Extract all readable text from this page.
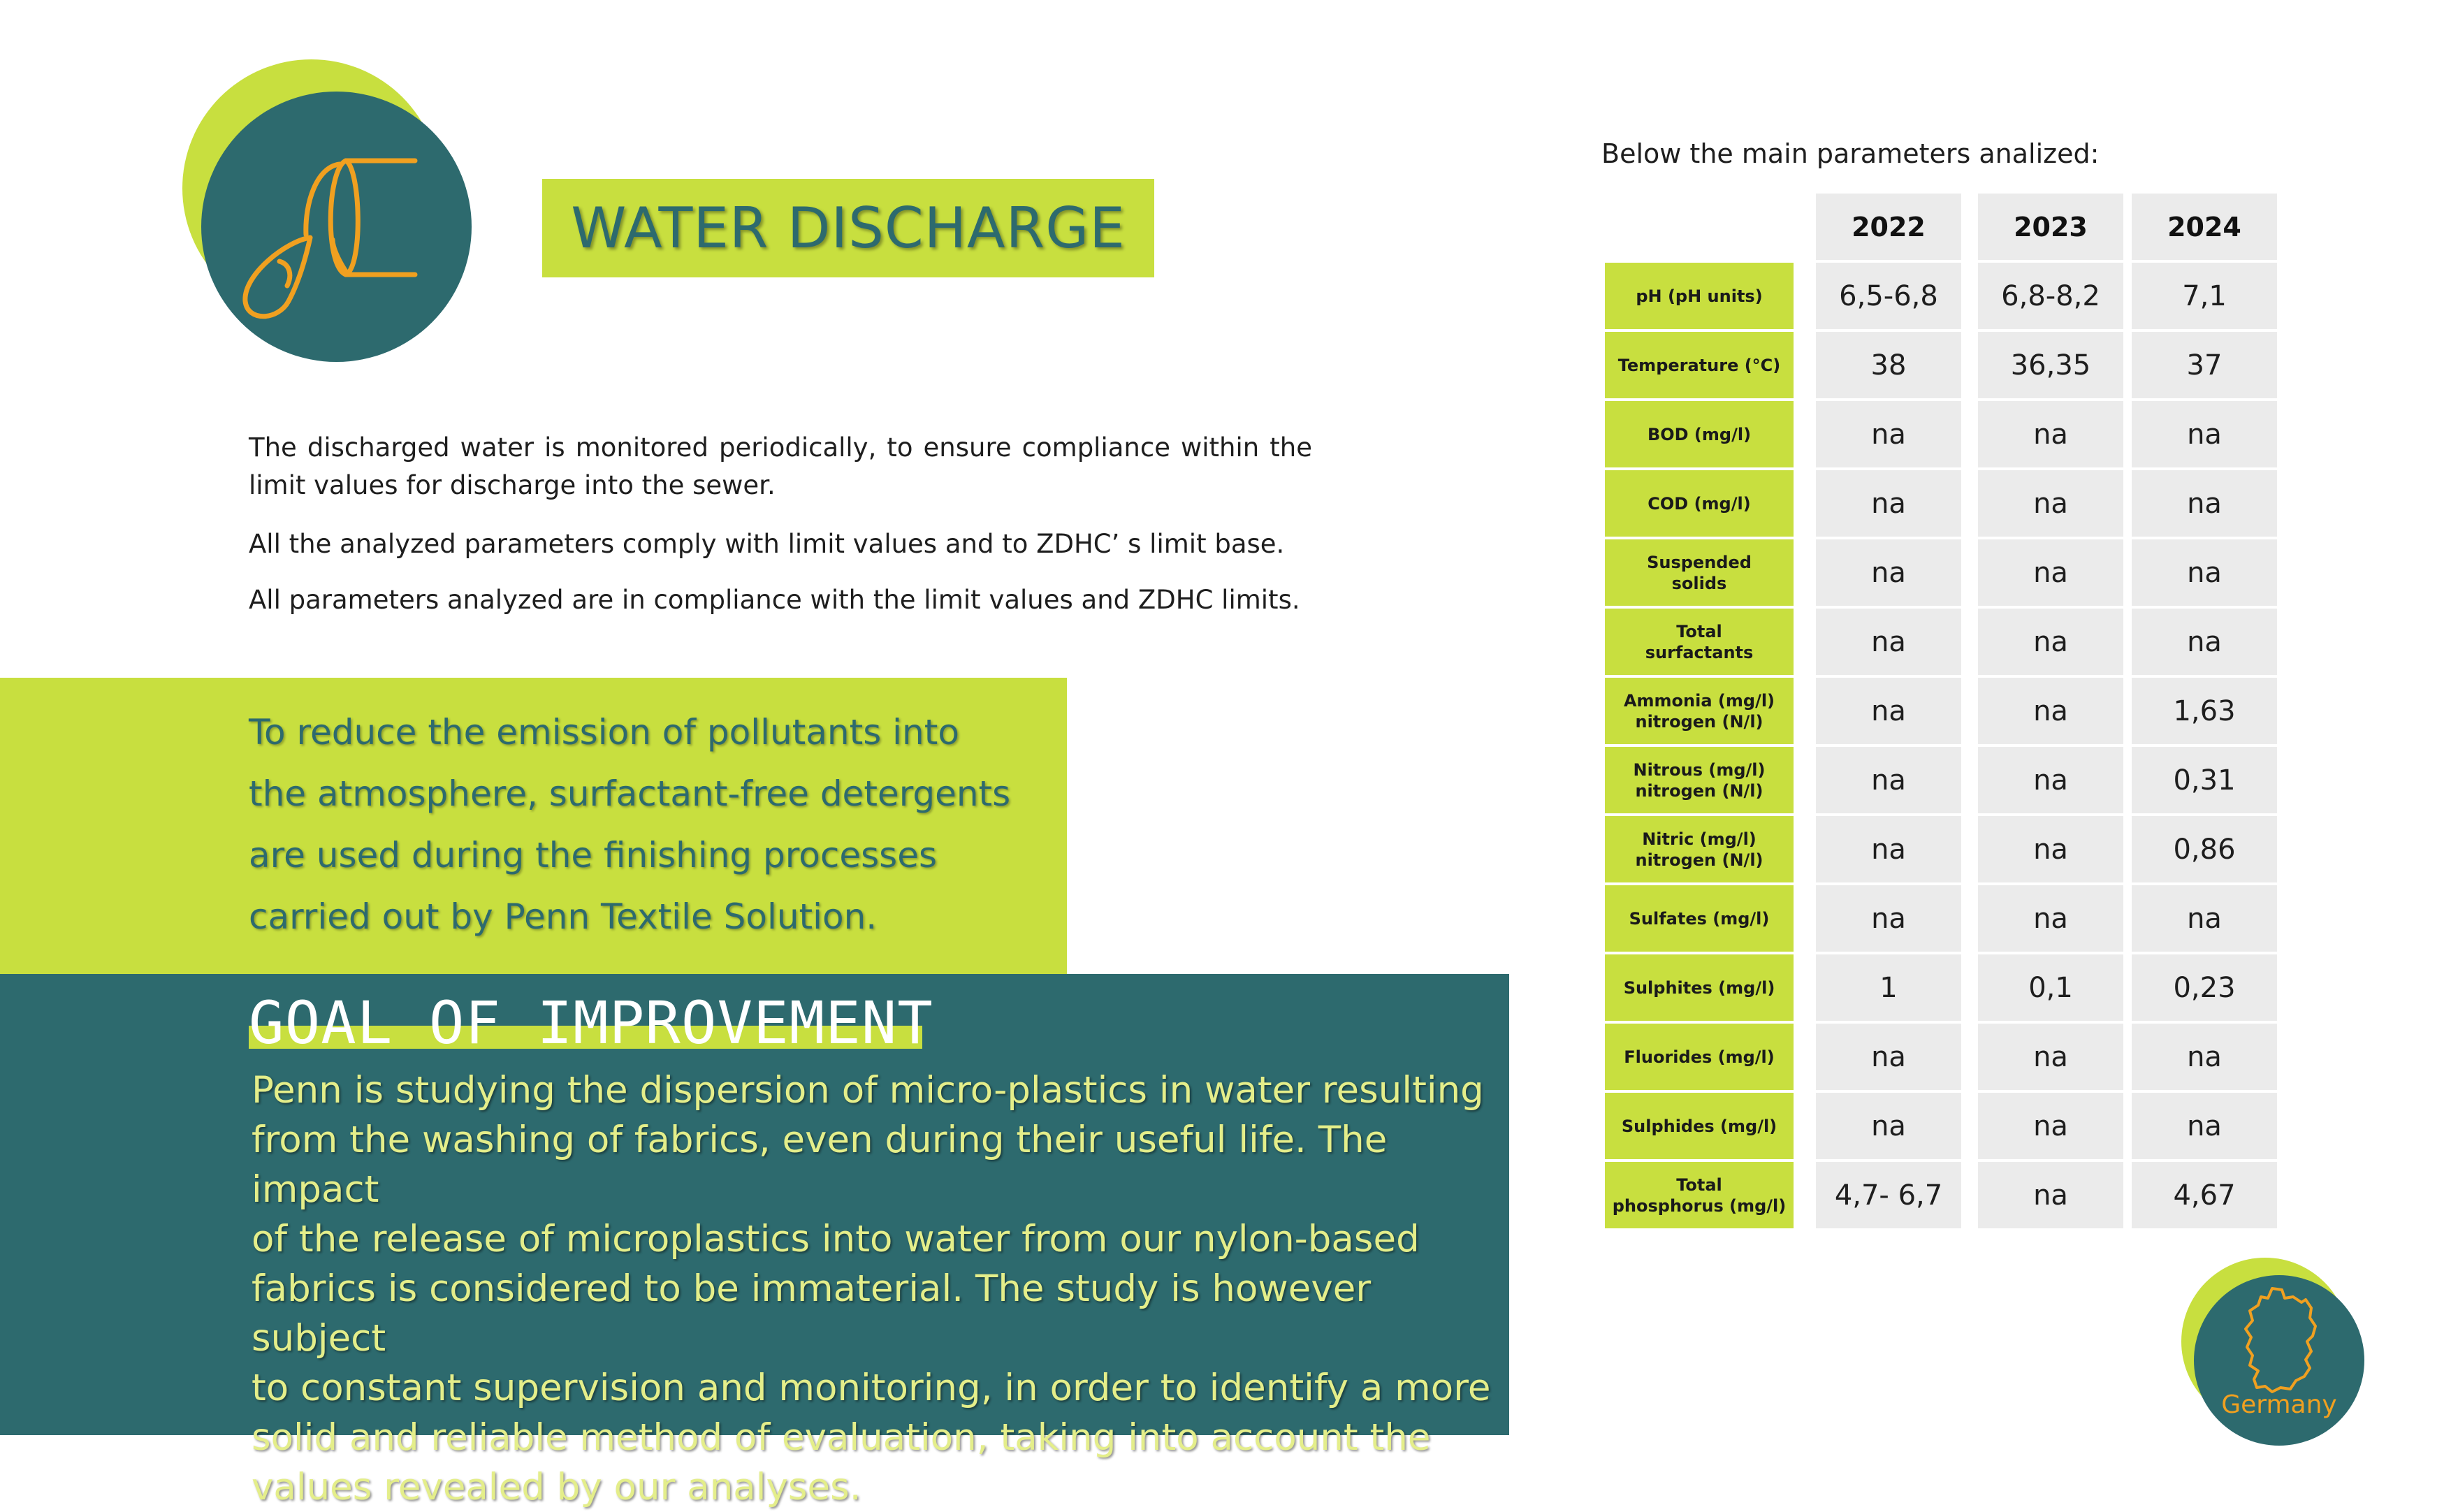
WATER DISCHARGE
The discharged water is monitored periodically, to ensure compliance within the limit values for discharge into the sewer.
All the analyzed parameters comply with limit values and to ZDHC’ s limit base.
All parameters analyzed are in compliance with the limit values and ZDHC limits.
To reduce the emission of pollutants into
the atmosphere, surfactant-free detergents
are used during the finishing processes
carried out by Penn Textile Solution.
GOAL OF IMPROVEMENT
Penn is studying the dispersion of micro-plastics in water resulting
from the washing of fabrics, even during their useful life. The impact
of the release of microplastics into water from our nylon-based
fabrics is considered to be immaterial. The study is however subject
to constant supervision and monitoring, in order to identify a more
solid and reliable method of evaluation, taking into account the
values revealed by our analyses.
Below the main parameters analized:
2022	2023	2024
pH (pH units)	6,5-6,8	6,8-8,2	7,1
Temperature (°C)	38	36,35	37
BOD (mg/l)	na	na	na
COD (mg/l)	na	na	na
Suspended
solids	na	na	na
Total
surfactants	na	na	na
Ammonia (mg/l)
nitrogen (N/l)	na	na	1,63
Nitrous (mg/l)
nitrogen (N/l)	na	na	0,31
Nitric (mg/l)
nitrogen (N/l)	na	na	0,86
Sulfates (mg/l)	na	na	na
Sulphites (mg/l)	1	0,1	0,23
Fluorides (mg/l)	na	na	na
Sulphides (mg/l)	na	na	na
Total
phosphorus (mg/l)	4,7- 6,7	na	4,67
Germany
